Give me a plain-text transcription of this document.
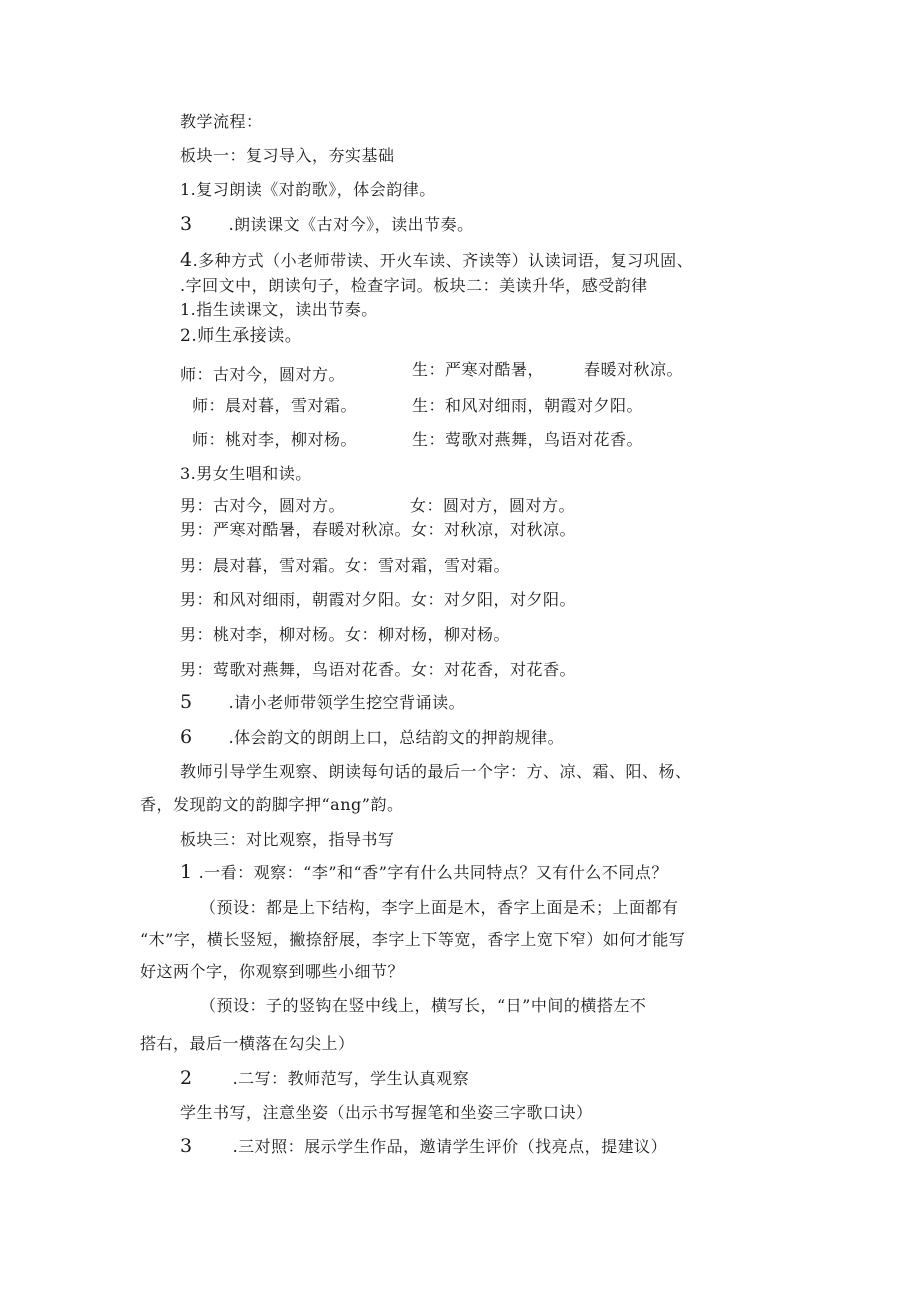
教学流程：
板块一：复习导入，夯实基础
1.复习朗读《对韵歌》，体会韵律。
3 .朗读课文《古对今》，读出节奏。
4.多种方式（小老师带读、开火车读、齐读等）认读词语，复习巩固、
.字回文中，朗读句子，检查字词。板块二：美读升华，感受韵律
1.指生读课文，读出节奏。
2.师生承接读。
师：古对今，圆对方。	生：严寒对酷暑， 春暖对秋凉。
师：晨对暮，雪对霜。	生：和风对细雨，朝霞对夕阳。
师：桃对李，柳对杨。	生：莺歌对燕舞，鸟语对花香。
3.男女生唱和读。
男：古对今，圆对方。	女：圆对方，圆对方。
男：严寒对酷暑，春暖对秋凉。女：对秋凉，对秋凉。
男：晨对暮，雪对霜。女：雪对霜，雪对霜。
男：和风对细雨，朝霞对夕阳。女：对夕阳，对夕阳。
男：桃对李，柳对杨。女：柳对杨，柳对杨。
男：莺歌对燕舞，鸟语对花香。女：对花香，对花香。
5 .请小老师带领学生挖空背诵读。
6 .体会韵文的朗朗上口，总结韵文的押韵规律。
教师引导学生观察、朗读每句话的最后一个字：方、凉、霜、阳、杨、
香，发现韵文的韵脚字押“ang”韵。
板块三：对比观察，指导书写
1 .一看：观察：“李”和“香”字有什么共同特点？又有什么不同点？
（预设：都是上下结构，李字上面是木，香字上面是禾；上面都有
“木”字，横长竖短，撇捺舒展，李字上下等宽，香字上宽下窄）如何才能写
好这两个字，你观察到哪些小细节？
（预设：子的竖钩在竖中线上，横写长，“日”中间的横搭左不
搭右，最后一横落在勾尖上）
2	.二写：教师范写，学生认真观察
学生书写，注意坐姿（出示书写握笔和坐姿三字歌口诀）
3	.三对照：展示学生作品，邀请学生评价（找亮点，提建议）
